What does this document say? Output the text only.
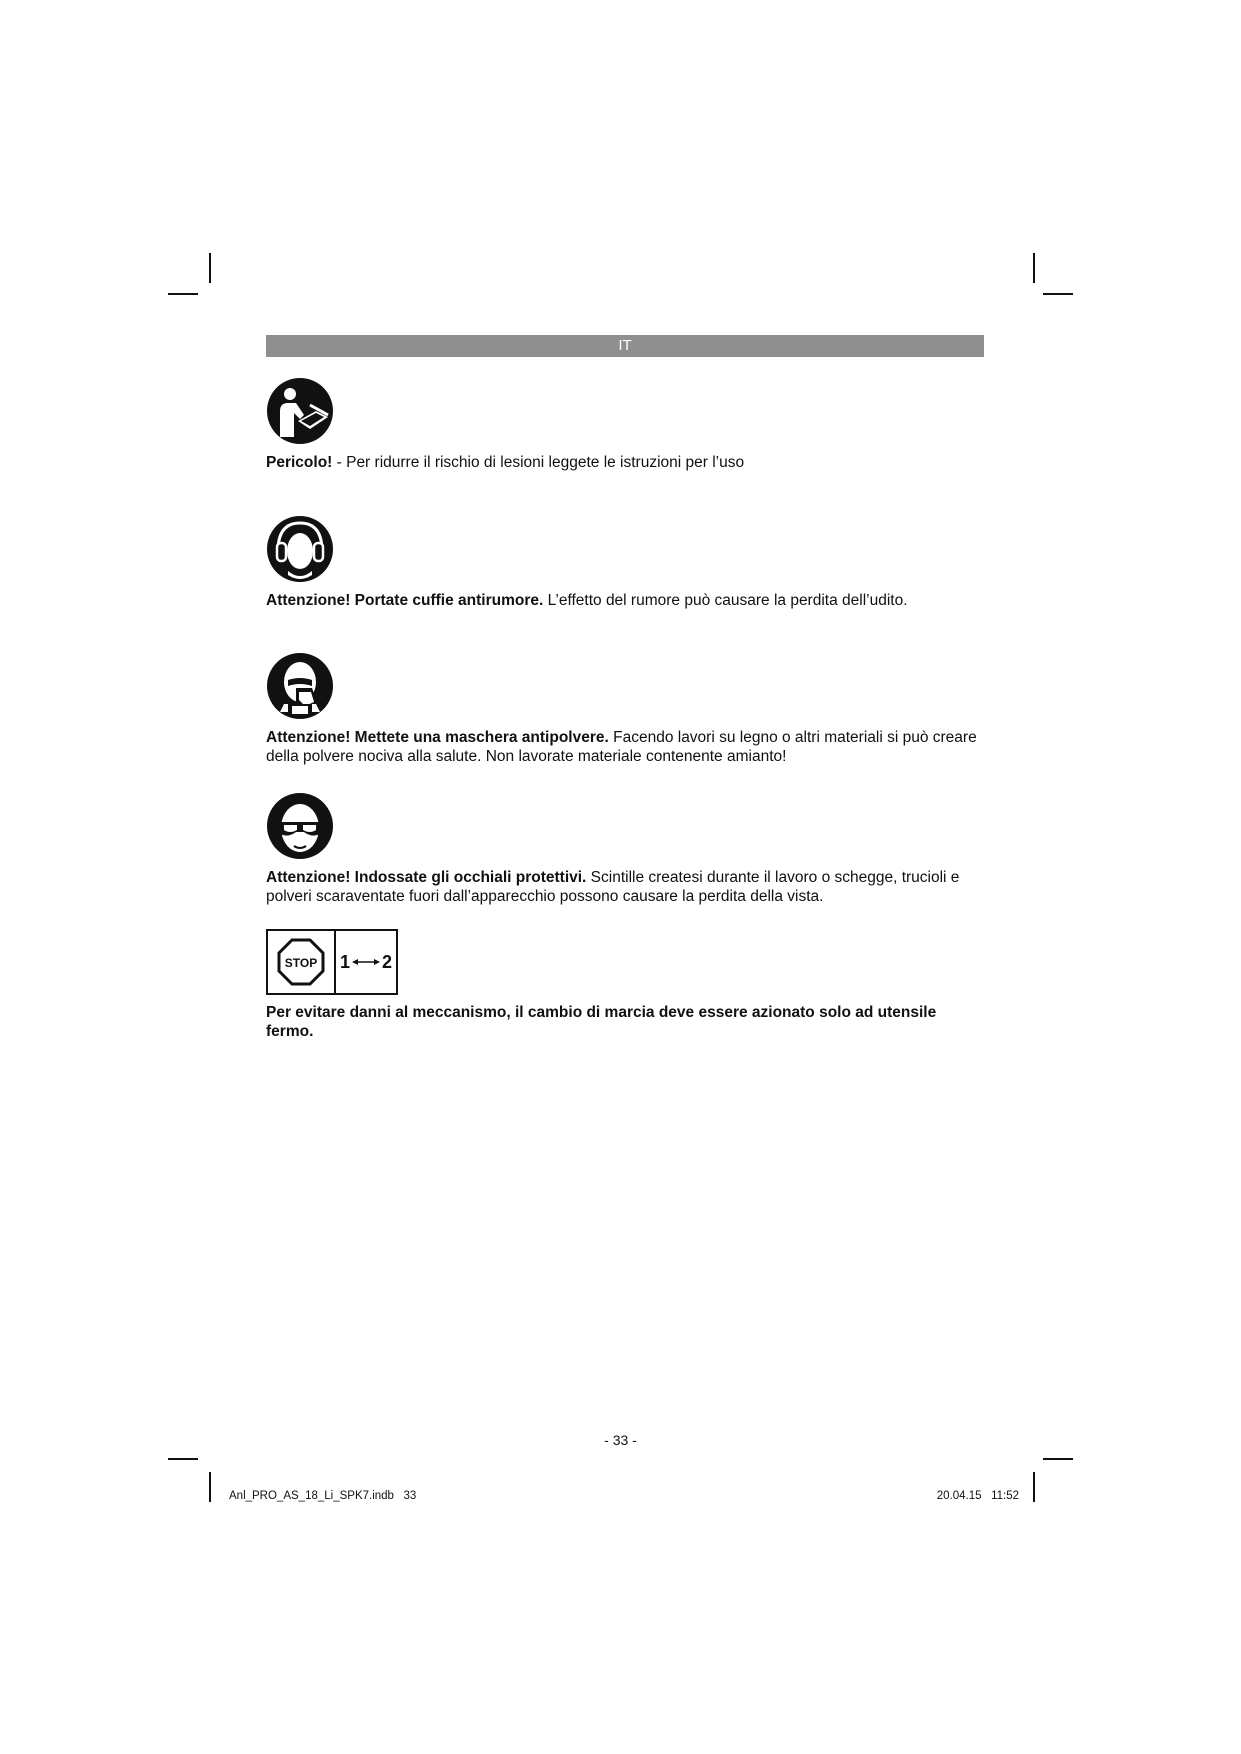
IT

Pericolo! - Per ridurre il rischio di lesioni leggete le istruzioni per l’uso

Attenzione! Portate cuffie antirumore. L’effetto del rumore può causare la perdita dell’udito.

Attenzione! Mettete una maschera antipolvere. Facendo lavori su legno o altri materiali si può creare della polvere nociva alla salute. Non lavorate materiale contenente amianto!

Attenzione! Indossate gli occhiali protettivi. Scintille createsi durante il lavoro o schegge, trucioli e polveri scaraventate fuori dall’apparecchio possono causare la perdita della vista.

STOP 1 2

Per evitare danni al meccanismo, il cambio di marcia deve essere azionato solo ad utensile fermo.

- 33 -
Anl_PRO_AS_18_Li_SPK7.indb   33	20.04.15   11:52
